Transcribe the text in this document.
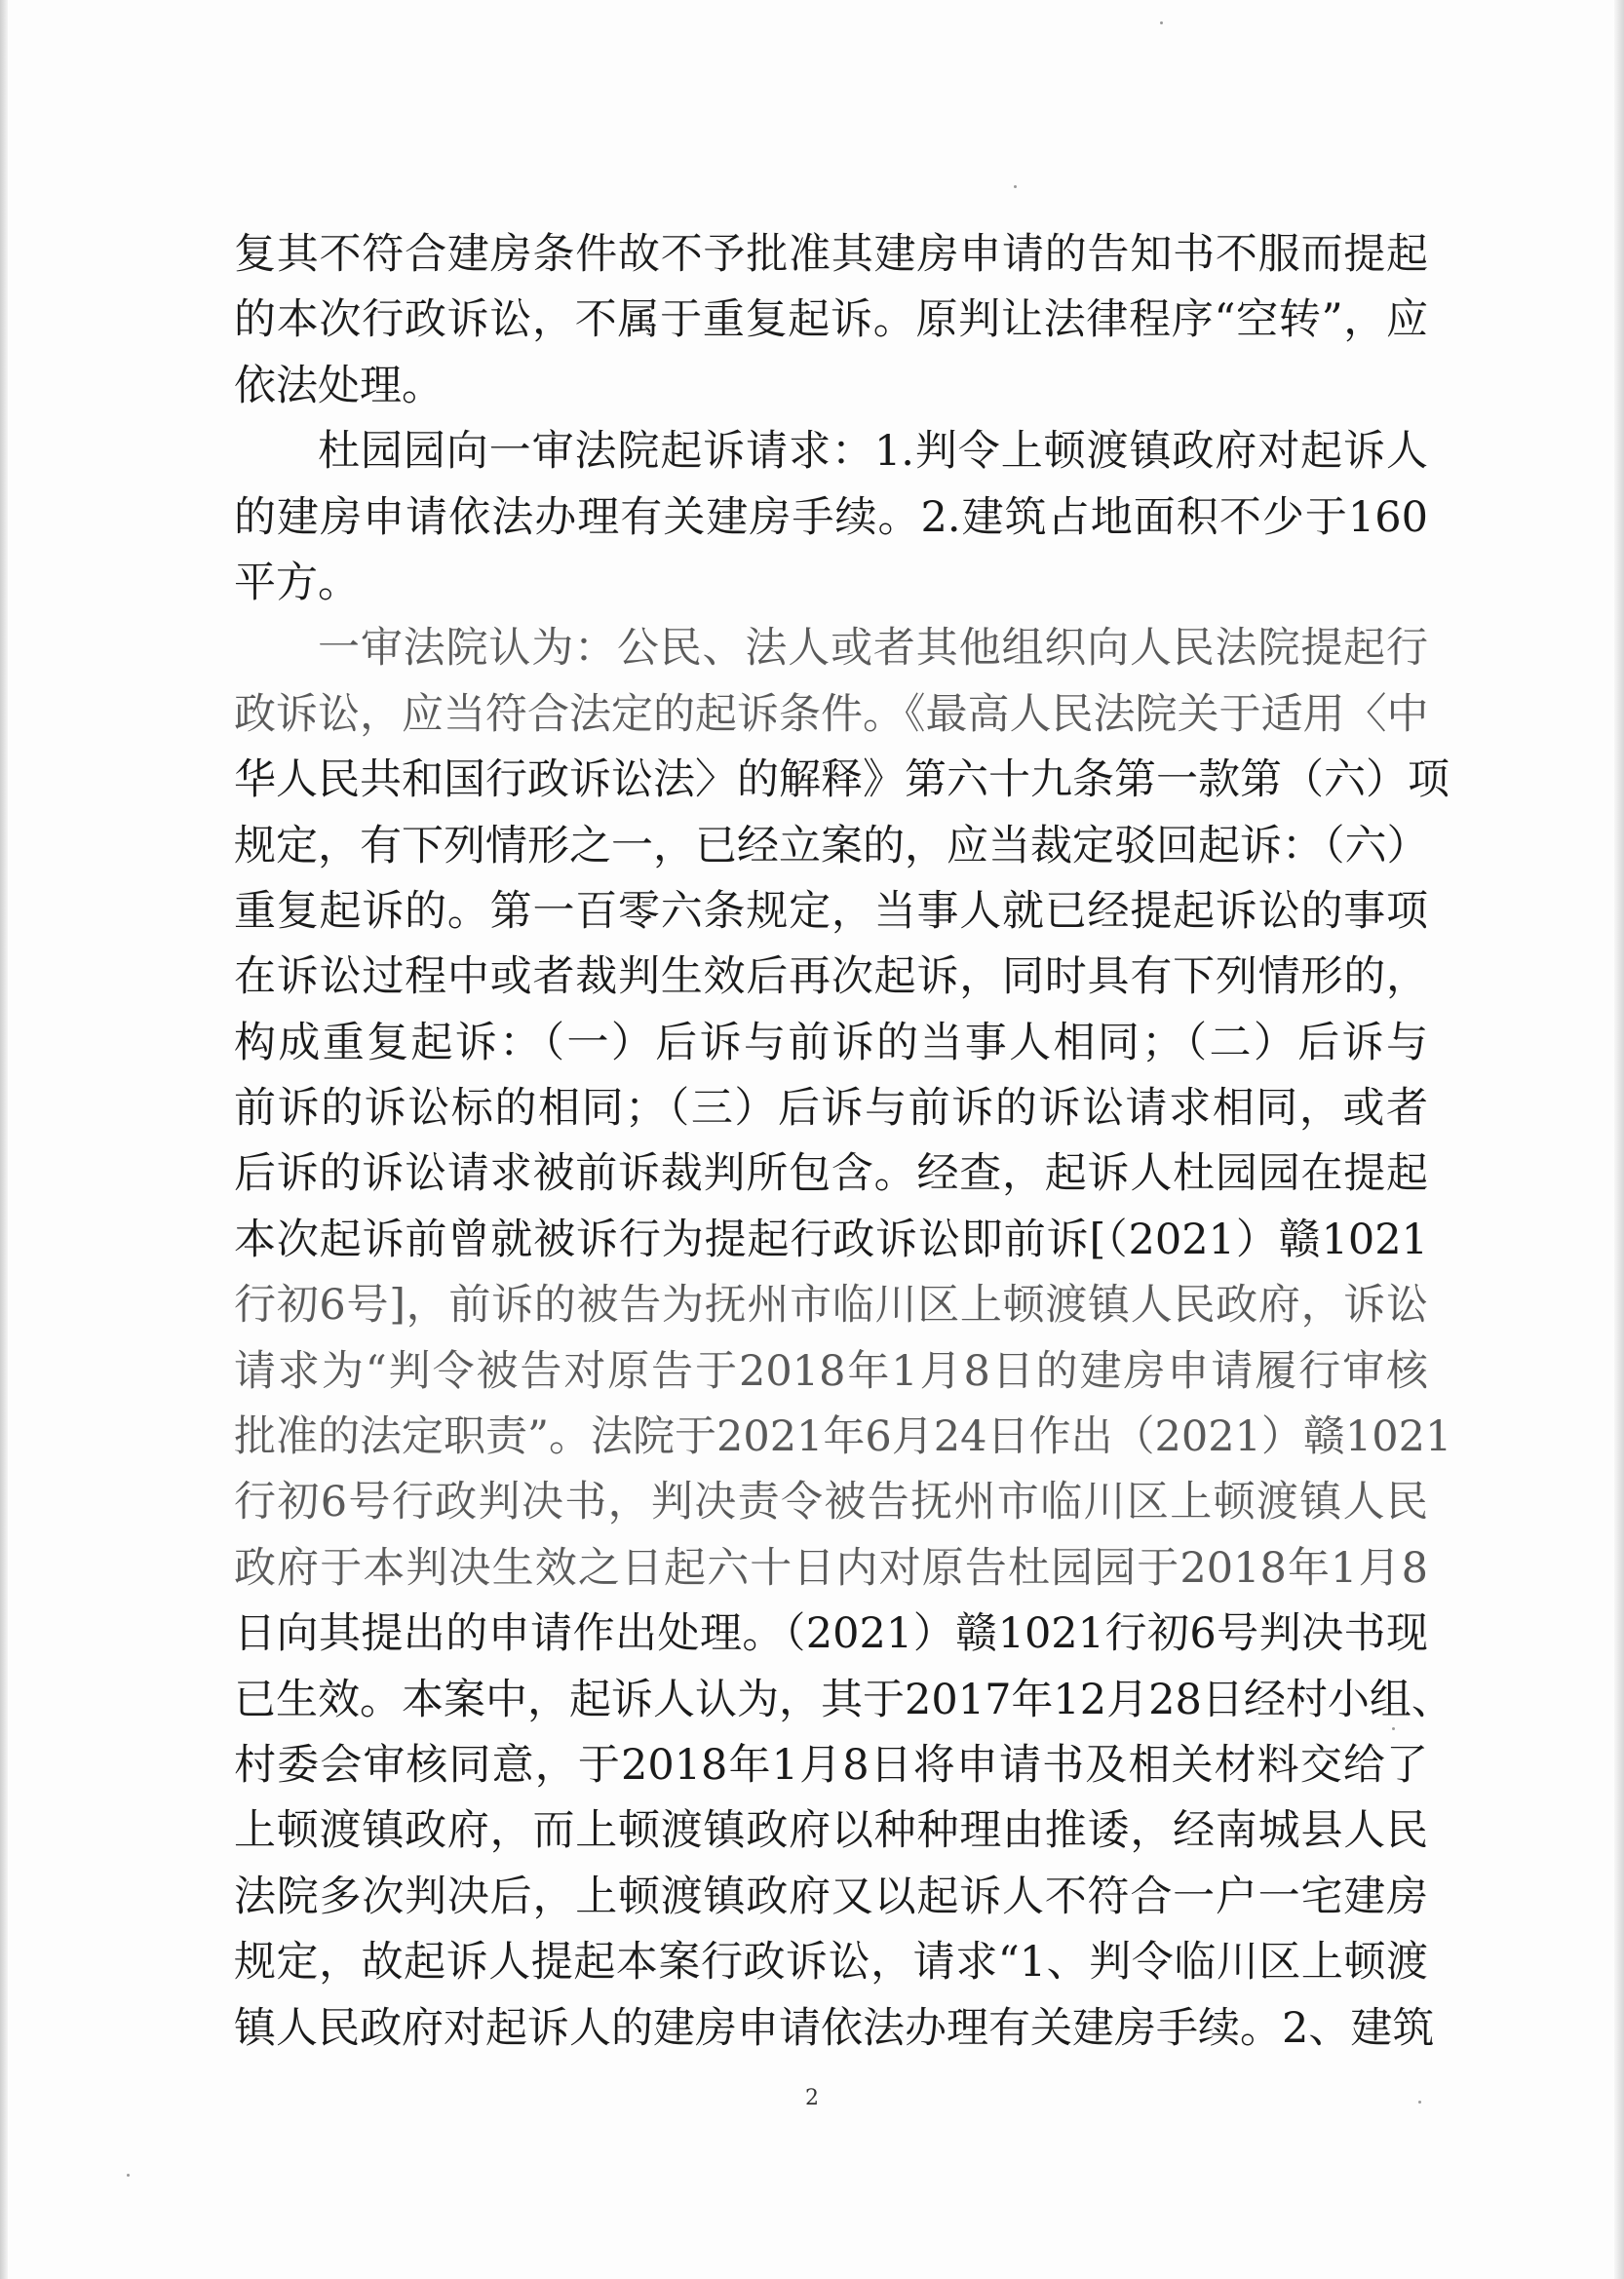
复其不符合建房条件故不予批准其建房申请的告知书不服而提起
的本次行政诉讼，不属于重复起诉。原判让法律程序“空转”，应
依法处理。
杜园园向一审法院起诉请求：1.判令上顿渡镇政府对起诉人
的建房申请依法办理有关建房手续。2.建筑占地面积不少于160
平方。
一审法院认为：公民、法人或者其他组织向人民法院提起行
政诉讼，应当符合法定的起诉条件。《最高人民法院关于适用〈中
华人民共和国行政诉讼法〉的解释》第六十九条第一款第（六）项
规定，有下列情形之一，已经立案的，应当裁定驳回起诉：（六）
重复起诉的。第一百零六条规定，当事人就已经提起诉讼的事项
在诉讼过程中或者裁判生效后再次起诉，同时具有下列情形的，
构成重复起诉：（一）后诉与前诉的当事人相同；（二）后诉与
前诉的诉讼标的相同；（三）后诉与前诉的诉讼请求相同，或者
后诉的诉讼请求被前诉裁判所包含。经查，起诉人杜园园在提起
本次起诉前曾就被诉行为提起行政诉讼即前诉[（2021）赣1021
行初6号]，前诉的被告为抚州市临川区上顿渡镇人民政府，诉讼
请求为“判令被告对原告于2018年1月8日的建房申请履行审核
批准的法定职责”。法院于2021年6月24日作出（2021）赣1021
行初6号行政判决书，判决责令被告抚州市临川区上顿渡镇人民
政府于本判决生效之日起六十日内对原告杜园园于2018年1月8
日向其提出的申请作出处理。（2021）赣1021行初6号判决书现
已生效。本案中，起诉人认为，其于2017年12月28日经村小组、
村委会审核同意，于2018年1月8日将申请书及相关材料交给了
上顿渡镇政府，而上顿渡镇政府以种种理由推诿，经南城县人民
法院多次判决后，上顿渡镇政府又以起诉人不符合一户一宅建房
规定，故起诉人提起本案行政诉讼，请求“1、判令临川区上顿渡
镇人民政府对起诉人的建房申请依法办理有关建房手续。2、建筑
2
